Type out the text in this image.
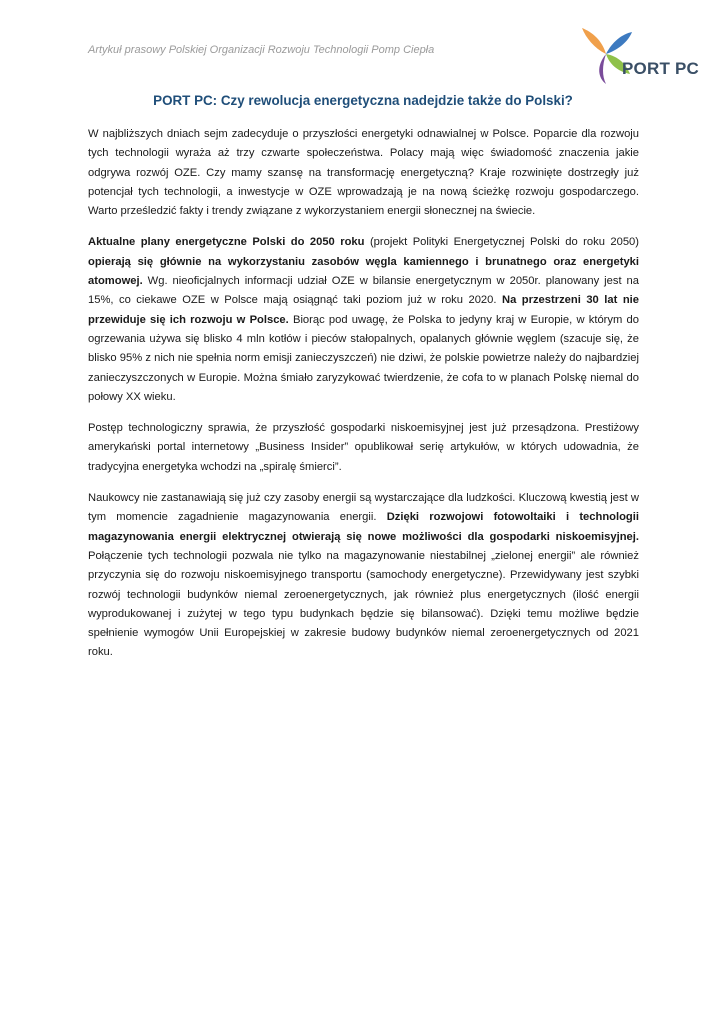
Artykuł prasowy Polskiej Organizacji Rozwoju Technologii Pomp Ciepła
PORT PC
PORT PC: Czy rewolucja energetyczna nadejdzie także do Polski?

W najbliższych dniach sejm zadecyduje o przyszłości energetyki odnawialnej w Polsce. Poparcie dla rozwoju tych technologii wyraża aż trzy czwarte społeczeństwa. Polacy mają więc świadomość znaczenia jakie odgrywa rozwój OZE. Czy mamy szansę na transformację energetyczną? Kraje rozwinięte dostrzegły już potencjał tych technologii, a inwestycje w OZE wprowadzają je na nową ścieżkę rozwoju gospodarczego. Warto prześledzić fakty i trendy związane z wykorzystaniem energii słonecznej na świecie.

Aktualne plany energetyczne Polski do 2050 roku (projekt Polityki Energetycznej Polski do roku 2050) opierają się głównie na wykorzystaniu zasobów węgla kamiennego i brunatnego oraz energetyki atomowej. Wg. nieoficjalnych informacji udział OZE w bilansie energetycznym w 2050r. planowany jest na 15%, co ciekawe OZE w Polsce mają osiągnąć taki poziom już w roku 2020. Na przestrzeni 30 lat nie przewiduje się ich rozwoju w Polsce. Biorąc pod uwagę, że Polska to jedyny kraj w Europie, w którym do ogrzewania używa się blisko 4 mln kotłów i pieców stałopalnych, opalanych głównie węglem (szacuje się, że blisko 95% z nich nie spełnia norm emisji zanieczyszczeń) nie dziwi, że polskie powietrze należy do najbardziej zanieczyszczonych w Europie. Można śmiało zaryzykować twierdzenie, że cofa to w planach Polskę niemal do połowy XX wieku.

Postęp technologiczny sprawia, że przyszłość gospodarki niskoemisyjnej jest już przesądzona. Prestiżowy amerykański portal internetowy „Business Insider” opublikował serię artykułów, w których udowadnia, że tradycyjna energetyka wchodzi na „spiralę śmierci”.

Naukowcy nie zastanawiają się już czy zasoby energii są wystarczające dla ludzkości. Kluczową kwestią jest w tym momencie zagadnienie magazynowania energii. Dzięki rozwojowi fotowoltaiki i technologii magazynowania energii elektrycznej otwierają się nowe możliwości dla gospodarki niskoemisyjnej. Połączenie tych technologii pozwala nie tylko na magazynowanie niestabilnej „zielonej energii” ale również przyczynia się do rozwoju niskoemisyjnego transportu (samochody energetyczne). Przewidywany jest szybki rozwój technologii budynków niemal zeroenergetycznych, jak również plus energetycznych (ilość energii wyprodukowanej i zużytej w tego typu budynkach będzie się bilansować). Dzięki temu możliwe będzie spełnienie wymogów Unii Europejskiej w zakresie budowy budynków niemal zeroenergetycznych od 2021 roku.
